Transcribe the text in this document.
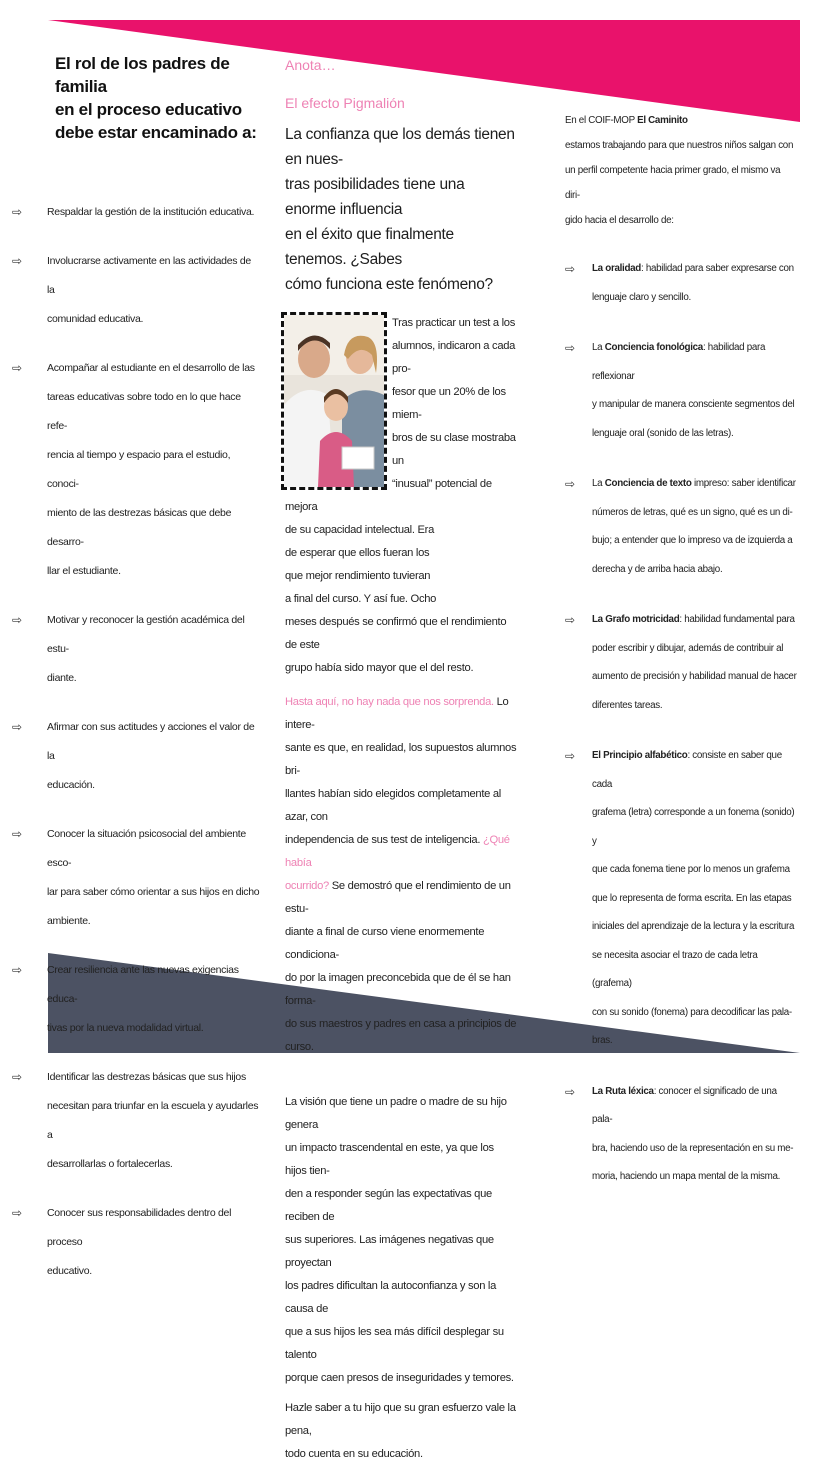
El rol de los padres de familia
en el proceso educativo
debe estar encaminado a:
⇨ Respaldar la gestión de la institución educativa.
⇨ Involucrarse activamente en las actividades de la
comunidad educativa.
⇨ Acompañar al estudiante en el desarrollo de las
tareas educativas sobre todo en lo que hace refe-
rencia al tiempo y espacio para el estudio, conoci-
miento de las destrezas básicas que debe desarro-
llar el estudiante.
⇨ Motivar y reconocer la gestión académica del estu-
diante.
⇨ Afirmar con sus actitudes y acciones el valor de la
educación.
⇨ Conocer la situación psicosocial del ambiente esco-
lar para saber cómo orientar a sus hijos en dicho
ambiente.
⇨ Crear resiliencia ante las nuevas exigencias educa-
tivas por la nueva modalidad virtual.
⇨ Identificar las destrezas básicas que sus hijos
necesitan para triunfar en la escuela y ayudarles a
desarrollarlas o fortalecerlas.
⇨ Conocer sus responsabilidades dentro del proceso
educativo.
Anota…
El efecto Pigmalión

La confianza que los demás tienen en nues-
tras posibilidades tiene una enorme influencia
en el éxito que finalmente tenemos. ¿Sabes
cómo funciona este fenómeno?

Tras practicar un test a los
alumnos, indicaron a cada pro-
fesor que un 20% de los miem-
bros de su clase mostraba un
“inusual” potencial de mejora
de su capacidad intelectual. Era
de esperar que ellos fueran los
que mejor rendimiento tuvieran
a final del curso. Y así fue. Ocho
meses después se confirmó que el rendimiento de este
grupo había sido mayor que el del resto.

Hasta aquí, no hay nada que nos sorprenda. Lo intere-
sante es que, en realidad, los supuestos alumnos bri-
llantes habían sido elegidos completamente al azar, con
independencia de sus test de inteligencia. ¿Qué había
ocurrido? Se demostró que el rendimiento de un estu-
diante a final de curso viene enormemente condiciona-
do por la imagen preconcebida que de él se han forma-
do sus maestros y padres en casa a principios de curso.

La visión que tiene un padre o madre de su hijo genera
un impacto trascendental en este, ya que los hijos tien-
den a responder según las expectativas que reciben de
sus superiores. Las imágenes negativas que proyectan
los padres dificultan la autoconfianza y son la causa de
que a sus hijos les sea más difícil desplegar su talento
porque caen presos de inseguridades y temores.

Hazle saber a tu hijo que su gran esfuerzo vale la pena,
todo cuenta en su educación.

En el COIF-MOP El Caminito
estamos trabajando para que nuestros niños salgan con
un perfil competente hacia primer grado, el mismo va diri-
gido hacia el desarrollo de:

⇨ La oralidad: habilidad para saber expresarse con
lenguaje claro y sencillo.
⇨ La Conciencia fonológica: habilidad para reflexionar
y manipular de manera consciente segmentos del
lenguaje oral (sonido de las letras).
⇨ La Conciencia de texto impreso: saber identificar
números de letras, qué es un signo, qué es un di-
bujo; a entender que lo impreso va de izquierda a
derecha y de arriba hacia abajo.
⇨ La Grafo motricidad: habilidad fundamental para
poder escribir y dibujar, además de contribuir al
aumento de precisión y habilidad manual de hacer
diferentes tareas.
⇨ El Principio alfabético: consiste en saber que cada
grafema (letra) corresponde a un fonema (sonido) y
que cada fonema tiene por lo menos un grafema
que lo representa de forma escrita. En las etapas
iniciales del aprendizaje de la lectura y la escritura
se necesita asociar el trazo de cada letra (grafema)
con su sonido (fonema) para decodificar las pala-
bras.
⇨ La Ruta léxica: conocer el significado de una pala-
bra, haciendo uso de la representación en su me-
moria, haciendo un mapa mental de la misma.
